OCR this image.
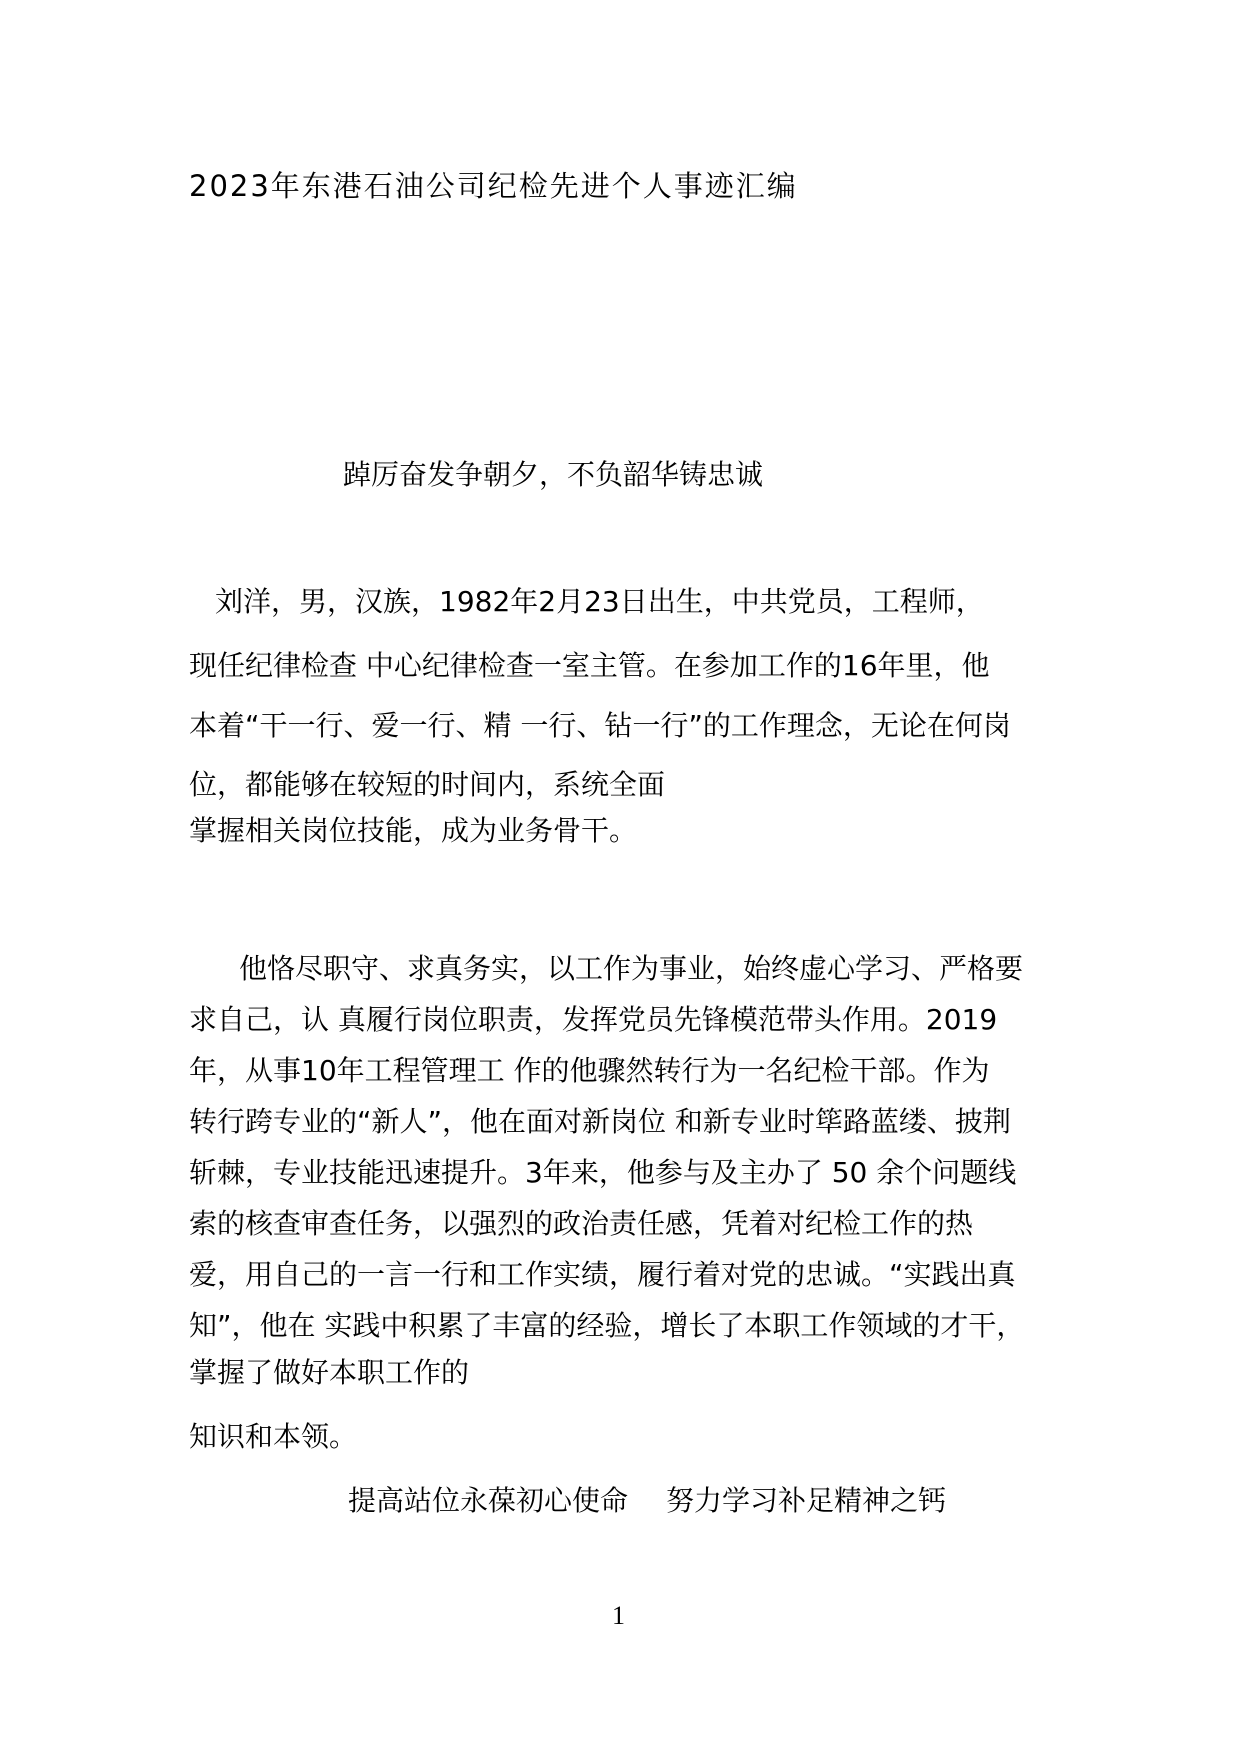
2023年东港石油公司纪检先进个人事迹汇编
踔厉奋发争朝夕，不负韶华铸忠诚
刘洋，男，汉族，1982年2月23日出生，中共党员，工程师，
现任纪律检查 中心纪律检查一室主管。在参加工作的16年里，他
本着“干一行、爱一行、精 一行、钻一行”的工作理念，无论在何岗
位，都能够在较短的时间内，系统全面
掌握相关岗位技能，成为业务骨干。
他恪尽职守、求真务实，以工作为事业，始终虚心学习、严格要
求自己，认 真履行岗位职责，发挥党员先锋模范带头作用。2019
年，从事10年工程管理工 作的他骤然转行为一名纪检干部。作为
转行跨专业的“新人”，他在面对新岗位 和新专业时筚路蓝缕、披荆
斩棘，专业技能迅速提升。3年来，他参与及主办了 50 余个问题线
索的核查审查任务，以强烈的政治责任感，凭着对纪检工作的热
爱，用自己的一言一行和工作实绩，履行着对党的忠诚。“实践出真
知”，他在 实践中积累了丰富的经验，增长了本职工作领域的才干，
掌握了做好本职工作的
知识和本领。
提高站位永葆初心使命 努力学习补足精神之钙
1
